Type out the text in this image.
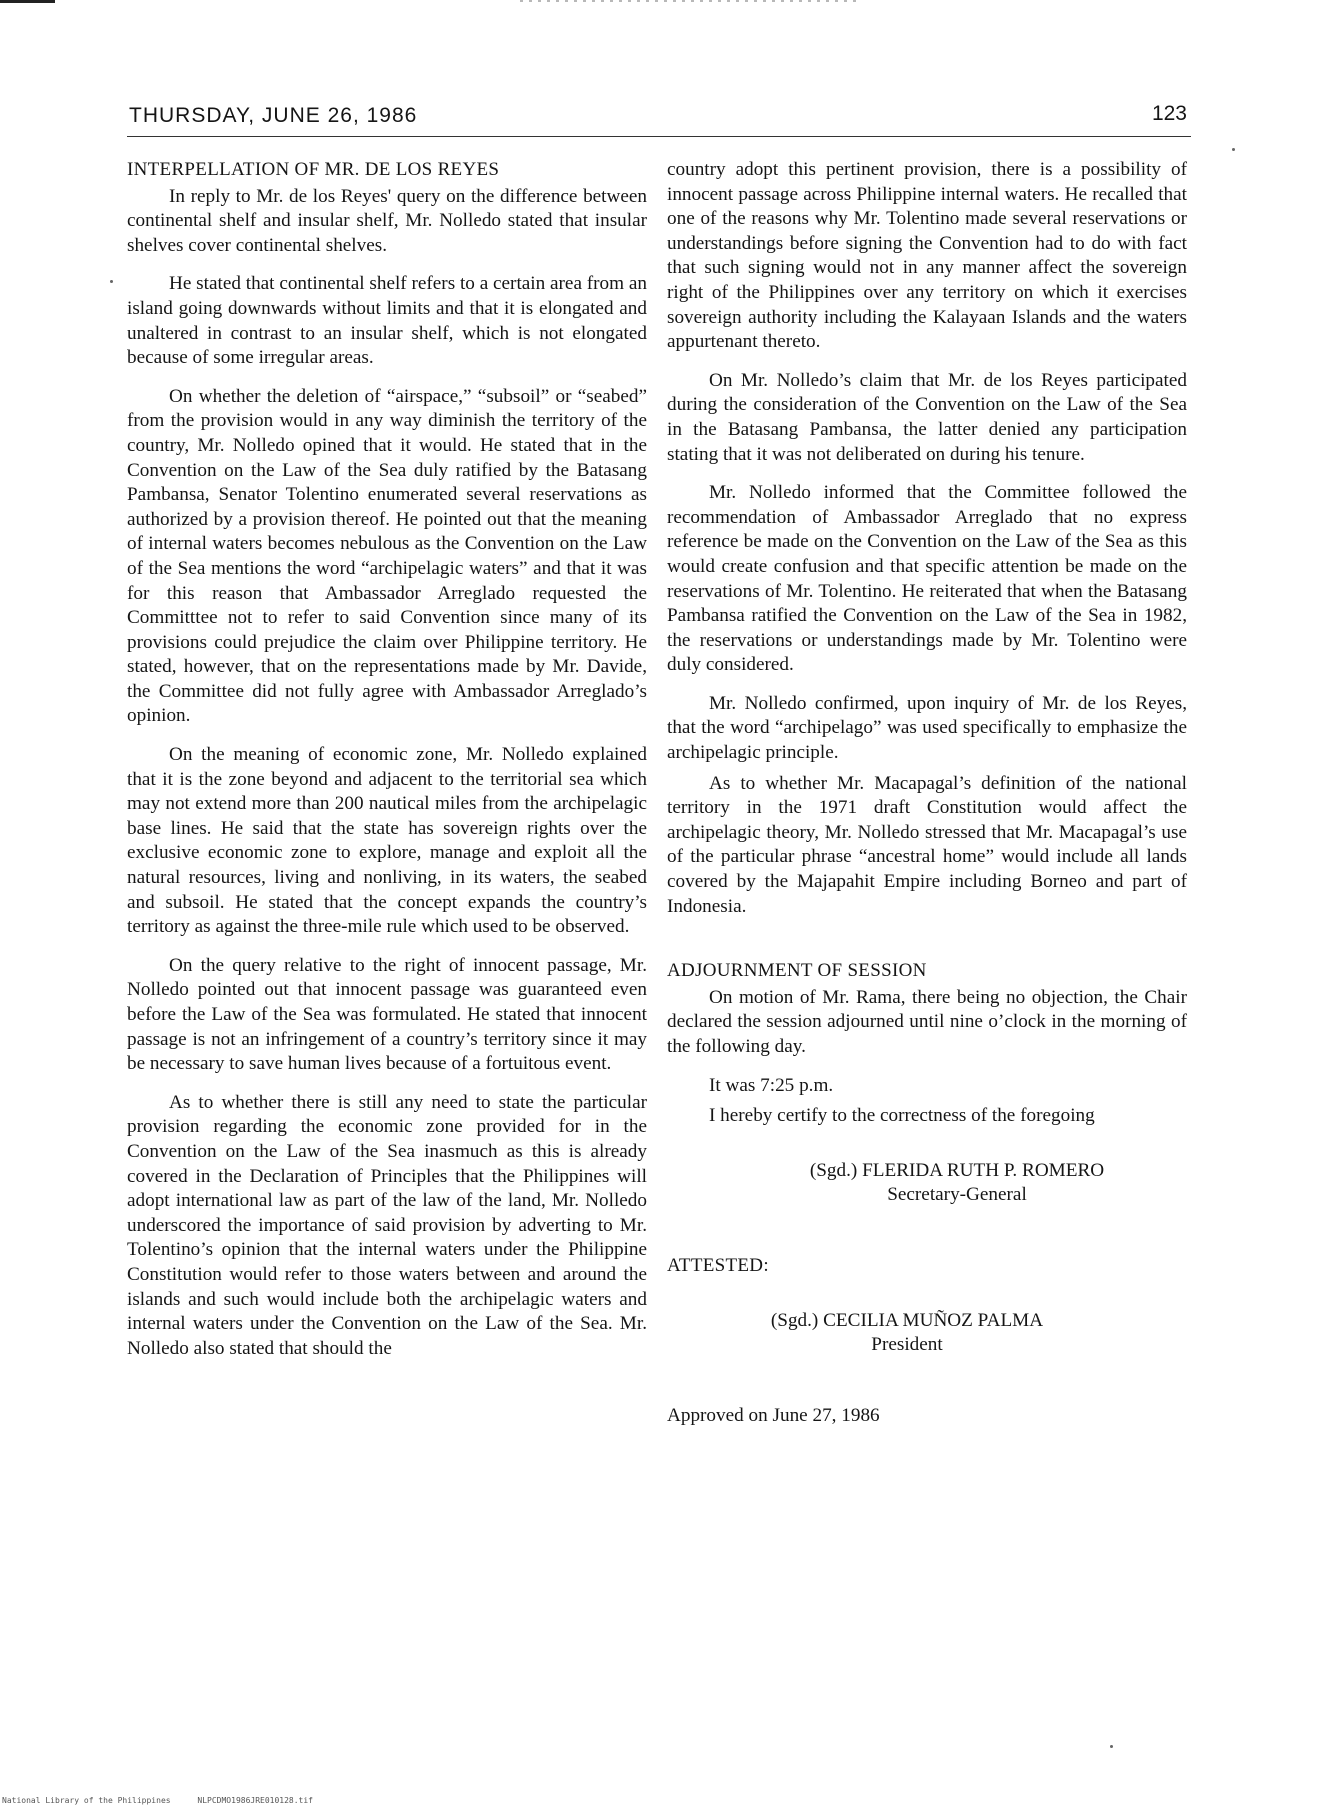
THURSDAY, JUNE 26, 1986	123
INTERPELLATION OF MR. DE LOS REYES

In reply to Mr. de los Reyes' query on the difference between continental shelf and insular shelf, Mr. Nolledo stated that insular shelves cover continental shelves.

He stated that continental shelf refers to a certain area from an island going downwards without limits and that it is elongated and unaltered in contrast to an insular shelf, which is not elongated because of some irregular areas.

On whether the deletion of “airspace,” “subsoil” or “seabed” from the provision would in any way diminish the territory of the country, Mr. Nolledo opined that it would. He stated that in the Convention on the Law of the Sea duly ratified by the Batasang Pambansa, Senator Tolentino enumerated several reservations as authorized by a provision thereof. He pointed out that the meaning of internal waters becomes nebulous as the Convention on the Law of the Sea mentions the word “archipelagic waters” and that it was for this reason that Ambassador Arreglado requested the Committtee not to refer to said Convention since many of its provisions could prejudice the claim over Philippine territory. He stated, however, that on the representations made by Mr. Davide, the Committee did not fully agree with Ambassador Arreglado’s opinion.

On the meaning of economic zone, Mr. Nolledo explained that it is the zone beyond and adjacent to the territorial sea which may not extend more than 200 nautical miles from the archipelagic base lines. He said that the state has sovereign rights over the exclusive economic zone to explore, manage and exploit all the natural resources, living and nonliving, in its waters, the seabed and subsoil. He stated that the concept expands the country’s territory as against the three-mile rule which used to be observed.

On the query relative to the right of innocent passage, Mr. Nolledo pointed out that innocent passage was guaranteed even before the Law of the Sea was formulated. He stated that innocent passage is not an infringement of a country’s territory since it may be necessary to save human lives because of a fortuitous event.

As to whether there is still any need to state the particular provision regarding the economic zone provided for in the Convention on the Law of the Sea inasmuch as this is already covered in the Declaration of Principles that the Philippines will adopt international law as part of the law of the land, Mr. Nolledo underscored the importance of said provision by adverting to Mr. Tolentino’s opinion that the internal waters under the Philippine Constitution would refer to those waters between and around the islands and such would include both the archipelagic waters and internal waters under the Convention on the Law of the Sea. Mr. Nolledo also stated that should the

country adopt this pertinent provision, there is a possibility of innocent passage across Philippine internal waters. He recalled that one of the reasons why Mr. Tolentino made several reservations or understandings before signing the Convention had to do with fact that such signing would not in any manner affect the sovereign right of the Philippines over any territory on which it exercises sovereign authority including the Kalayaan Islands and the waters appurtenant thereto.

On Mr. Nolledo’s claim that Mr. de los Reyes participated during the consideration of the Convention on the Law of the Sea in the Batasang Pambansa, the latter denied any participation stating that it was not deliberated on during his tenure.

Mr. Nolledo informed that the Committee followed the recommendation of Ambassador Arreglado that no express reference be made on the Convention on the Law of the Sea as this would create confusion and that specific attention be made on the reservations of Mr. Tolentino. He reiterated that when the Batasang Pambansa ratified the Convention on the Law of the Sea in 1982, the reservations or understandings made by Mr. Tolentino were duly considered.

Mr. Nolledo confirmed, upon inquiry of Mr. de los Reyes, that the word “archipelago” was used specifically to emphasize the archipelagic principle.

As to whether Mr. Macapagal’s definition of the national territory in the 1971 draft Constitution would affect the archipelagic theory, Mr. Nolledo stressed that Mr. Macapagal’s use of the particular phrase “ancestral home” would include all lands covered by the Majapahit Empire including Borneo and part of Indonesia.

ADJOURNMENT OF SESSION

On motion of Mr. Rama, there being no objection, the Chair declared the session adjourned until nine o’clock in the morning of the following day.

It was 7:25 p.m.

I hereby certify to the correctness of the foregoing

(Sgd.) FLERIDA RUTH P. ROMERO

Secretary-General

ATTESTED:

(Sgd.) CECILIA MUÑOZ PALMA

President

Approved on June 27, 1986
National Library of the Philippines	NLPCDMO1986JRE010128.tif
